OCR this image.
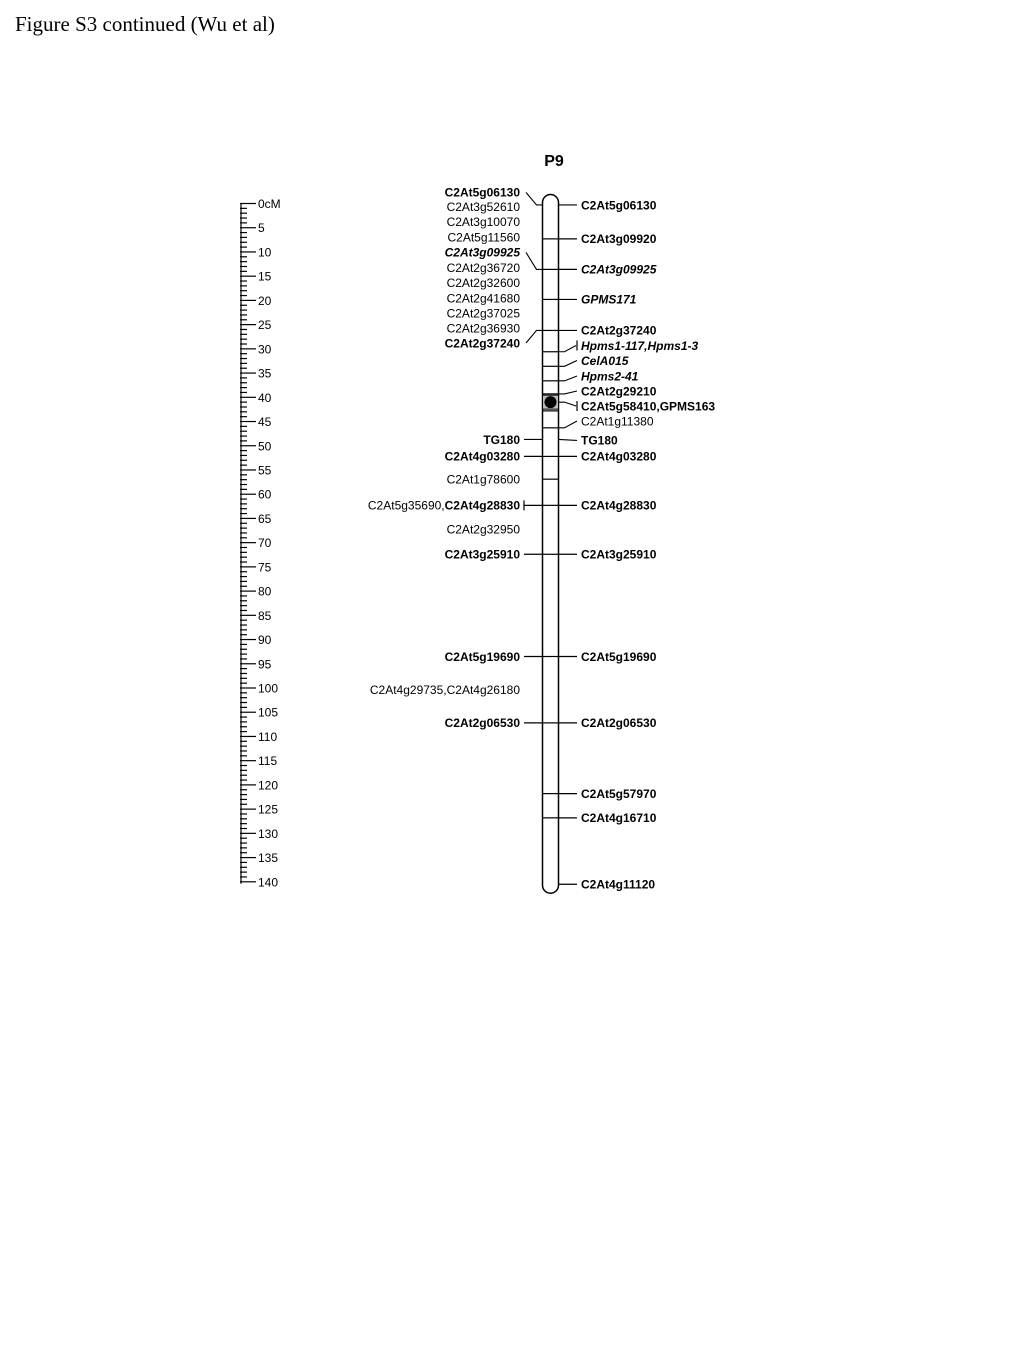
Figure S3 continued (Wu et al)
P9
0cM
5
10
15
20
25
30
35
40
45
50
55
60
65
70
75
80
85
90
95
100
105
110
115
120
125
130
135
140
C2At5g06130
C2At3g52610
C2At3g10070
C2At5g11560
C2At3g09925
C2At2g36720
C2At2g32600
C2At2g41680
C2At2g37025
C2At2g36930
C2At2g37240
TG180
C2At4g03280
C2At1g78600
C2At5g35690,C2At4g28830
C2At2g32950
C2At3g25910
C2At5g19690
C2At4g29735,C2At4g26180
C2At2g06530
C2At5g06130
C2At3g09920
C2At3g09925
GPMS171
C2At2g37240
Hpms1-117,Hpms1-3
CelA015
Hpms2-41
C2At2g29210
C2At5g58410,GPMS163
C2At1g11380
TG180
C2At4g03280
C2At4g28830
C2At3g25910
C2At5g19690
C2At2g06530
C2At5g57970
C2At4g16710
C2At4g11120
